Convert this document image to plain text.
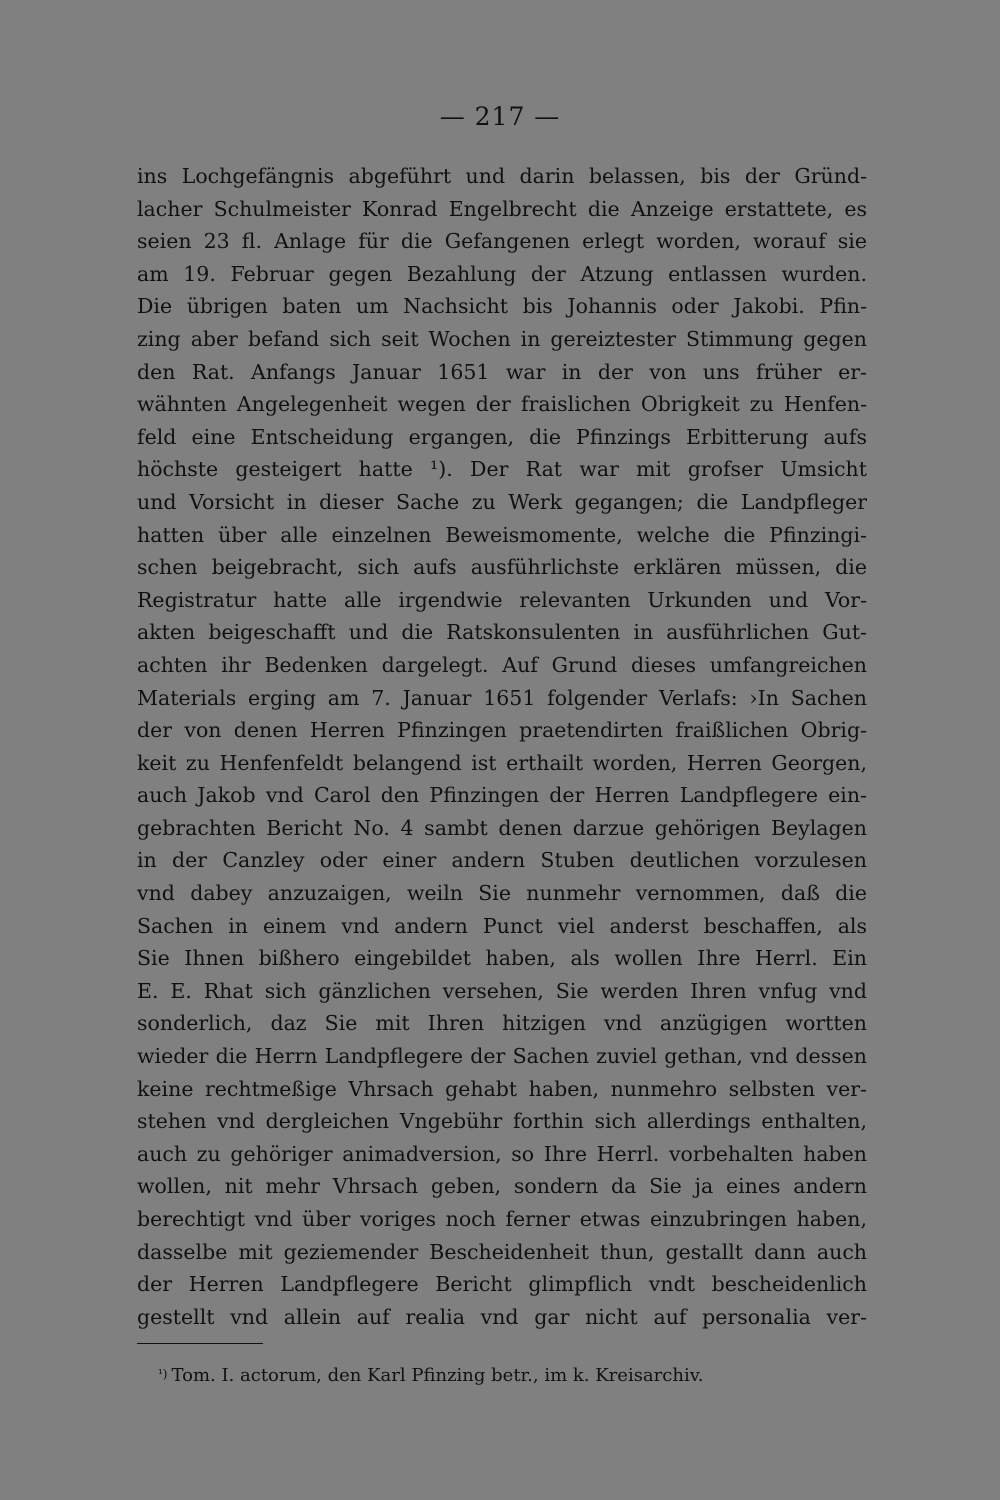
— 217 —
ins Lochgefängnis abgeführt und darin belassen, bis der Gründ-
lacher Schulmeister Konrad Engelbrecht die Anzeige erstattete, es
seien 23 fl. Anlage für die Gefangenen erlegt worden, worauf sie
am 19. Februar gegen Bezahlung der Atzung entlassen wurden.
Die übrigen baten um Nachsicht bis Johannis oder Jakobi. Pfin-
zing aber befand sich seit Wochen in gereiztester Stimmung gegen
den Rat. Anfangs Januar 1651 war in der von uns früher er-
wähnten Angelegenheit wegen der fraislichen Obrigkeit zu Henfen-
feld eine Entscheidung ergangen, die Pfinzings Erbitterung aufs
höchste gesteigert hatte ¹). Der Rat war mit grofser Umsicht
und Vorsicht in dieser Sache zu Werk gegangen; die Landpfleger
hatten über alle einzelnen Beweismomente, welche die Pfinzingi-
schen beigebracht, sich aufs ausführlichste erklären müssen, die
Registratur hatte alle irgendwie relevanten Urkunden und Vor-
akten beigeschafft und die Ratskonsulenten in ausführlichen Gut-
achten ihr Bedenken dargelegt. Auf Grund dieses umfangreichen
Materials erging am 7. Januar 1651 folgender Verlafs: ›In Sachen
der von denen Herren Pfinzingen praetendirten fraißlichen Obrig-
keit zu Henfenfeldt belangend ist erthailt worden, Herren Georgen,
auch Jakob vnd Carol den Pfinzingen der Herren Landpflegere ein-
gebrachten Bericht No. 4 sambt denen darzue gehörigen Beylagen
in der Canzley oder einer andern Stuben deutlichen vorzulesen
vnd dabey anzuzaigen, weiln Sie nunmehr vernommen, daß die
Sachen in einem vnd andern Punct viel anderst beschaffen, als
Sie Ihnen bißhero eingebildet haben, als wollen Ihre Herrl. Ein
E. E. Rhat sich gänzlichen versehen, Sie werden Ihren vnfug vnd
sonderlich, daz Sie mit Ihren hitzigen vnd anzügigen wortten
wieder die Herrn Landpflegere der Sachen zuviel gethan, vnd dessen
keine rechtmeßige Vhrsach gehabt haben, nunmehro selbsten ver-
stehen vnd dergleichen Vngebühr forthin sich allerdings enthalten,
auch zu gehöriger animadversion, so Ihre Herrl. vorbehalten haben
wollen, nit mehr Vhrsach geben, sondern da Sie ja eines andern
berechtigt vnd über voriges noch ferner etwas einzubringen haben,
dasselbe mit geziemender Bescheidenheit thun, gestallt dann auch
der Herren Landpflegere Bericht glimpflich vndt bescheidenlich
gestellt vnd allein auf realia vnd gar nicht auf personalia ver-
$^{^1)}$ Tom. I. actorum, den Karl Pfinzing betr., im k. Kreisarchiv.
